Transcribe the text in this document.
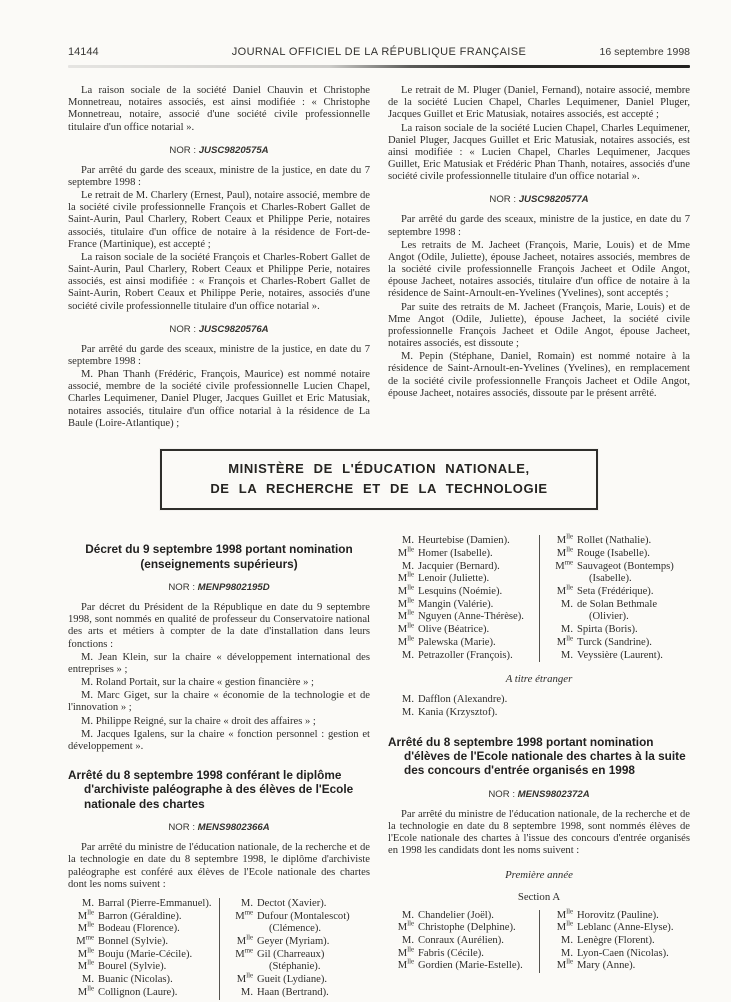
14144	JOURNAL OFFICIEL DE LA RÉPUBLIQUE FRANÇAISE	16 septembre 1998

La raison sociale de la société Daniel Chauvin et Christophe Monnetreau, notaires associés, est ainsi modifiée : « Christophe Monnetreau, notaire, associé d'une société civile professionnelle titulaire d'un office notarial ».

NOR : JUSC9820575A

Par arrêté du garde des sceaux, ministre de la justice, en date du 7 septembre 1998 :

Le retrait de M. Charlery (Ernest, Paul), notaire associé, membre de la société civile professionnelle François et Charles-Robert Gallet de Saint-Aurin, Paul Charlery, Robert Ceaux et Philippe Perie, notaires associés, titulaire d'un office de notaire à la résidence de Fort-de-France (Martinique), est accepté ;

La raison sociale de la société François et Charles-Robert Gallet de Saint-Aurin, Paul Charlery, Robert Ceaux et Philippe Perie, notaires associés, est ainsi modifiée : « François et Charles-Robert Gallet de Saint-Aurin, Robert Ceaux et Philippe Perie, notaires, associés d'une société civile professionnelle titulaire d'un office notarial ».

NOR : JUSC9820576A

Par arrêté du garde des sceaux, ministre de la justice, en date du 7 septembre 1998 :

M. Phan Thanh (Frédéric, François, Maurice) est nommé notaire associé, membre de la société civile professionnelle Lucien Chapel, Charles Lequimener, Daniel Pluger, Jacques Guillet et Eric Matusiak, notaires associés, titulaire d'un office notarial à la résidence de La Baule (Loire-Atlantique) ;

Le retrait de M. Pluger (Daniel, Fernand), notaire associé, membre de la société Lucien Chapel, Charles Lequimener, Daniel Pluger, Jacques Guillet et Eric Matusiak, notaires associés, est accepté ;

La raison sociale de la société Lucien Chapel, Charles Lequimener, Daniel Pluger, Jacques Guillet et Eric Matusiak, notaires associés, est ainsi modifiée : « Lucien Chapel, Charles Lequimener, Jacques Guillet, Eric Matusiak et Frédéric Phan Thanh, notaires, associés d'une société civile professionnelle titulaire d'un office notarial ».

NOR : JUSC9820577A

Par arrêté du garde des sceaux, ministre de la justice, en date du 7 septembre 1998 :

Les retraits de M. Jacheet (François, Marie, Louis) et de Mme Angot (Odile, Juliette), épouse Jacheet, notaires associés, membres de la société civile professionnelle François Jacheet et Odile Angot, épouse Jacheet, notaires associés, titulaire d'un office de notaire à la résidence de Saint-Arnoult-en-Yvelines (Yvelines), sont acceptés ;

Par suite des retraits de M. Jacheet (François, Marie, Louis) et de Mme Angot (Odile, Juliette), épouse Jacheet, la société civile professionnelle François Jacheet et Odile Angot, épouse Jacheet, notaires associés, est dissoute ;

M. Pepin (Stéphane, Daniel, Romain) est nommé notaire à la résidence de Saint-Arnoult-en-Yvelines (Yvelines), en remplacement de la société civile professionnelle François Jacheet et Odile Angot, épouse Jacheet, notaires associés, dissoute par le présent arrêté.

MINISTÈRE DE L'ÉDUCATION NATIONALE,
DE LA RECHERCHE ET DE LA TECHNOLOGIE
Décret du 9 septembre 1998 portant nomination
(enseignements supérieurs)
NOR : MENP9802195D

Par décret du Président de la République en date du 9 septembre 1998, sont nommés en qualité de professeur du Conservatoire national des arts et métiers à compter de la date d'installation dans leurs fonctions :

M. Jean Klein, sur la chaire « développement international des entreprises » ;

M. Roland Portait, sur la chaire « gestion financière » ;

M. Marc Giget, sur la chaire « économie de la technologie et de l'innovation » ;

M. Philippe Reigné, sur la chaire « droit des affaires » ;

M. Jacques Igalens, sur la chaire « fonction personnel : gestion et développement ».

Arrêté du 8 septembre 1998 conférant le diplôme d'archiviste paléographe à des élèves de l'Ecole nationale des chartes
NOR : MENS9802366A

Par arrêté du ministre de l'éducation nationale, de la recherche et de la technologie en date du 8 septembre 1998, le diplôme d'archiviste paléographe est conféré aux élèves de l'Ecole nationale des chartes dont les noms suivent :

M. Barral (Pierre-Emmanuel).
$M^{lle}$ Barron (Géraldine).
$M^{lle}$ Bodeau (Florence).
$M^{me}$ Bonnel (Sylvie).
$M^{lle}$ Bouju (Marie-Cécile).
$M^{lle}$ Bourel (Sylvie).
M. Buanic (Nicolas).
$M^{lle}$ Collignon (Laure).
M. Dectot (Xavier).
$M^{me}$ Dufour (Montalescot)
(Clémence).
$M^{lle}$ Geyer (Myriam).
$M^{me}$ Gil (Charreaux)
(Stéphanie).
$M^{lle}$ Gueit (Lydiane).
M. Haan (Bertrand).
M. Heurtebise (Damien).
$M^{lle}$ Homer (Isabelle).
M. Jacquier (Bernard).
$M^{lle}$ Lenoir (Juliette).
$M^{lle}$ Lesquins (Noémie).
$M^{lle}$ Mangin (Valérie).
$M^{lle}$ Nguyen (Anne-Thérèse).
$M^{lle}$ Olive (Béatrice).
$M^{lle}$ Palewska (Marie).
M. Petrazoller (François).
$M^{lle}$ Rollet (Nathalie).
$M^{lle}$ Rouge (Isabelle).
$M^{me}$ Sauvageot (Bontemps)
(Isabelle).
$M^{lle}$ Seta (Frédérique).
M. de Solan Bethmale
(Olivier).
M. Spirta (Boris).
$M^{lle}$ Turck (Sandrine).
M. Veyssière (Laurent).
A titre étranger
M. Dafflon (Alexandre).
M. Kania (Krzysztof).
Arrêté du 8 septembre 1998 portant nomination d'élèves de l'Ecole nationale des chartes à la suite des concours d'entrée organisés en 1998
NOR : MENS9802372A

Par arrêté du ministre de l'éducation nationale, de la recherche et de la technologie en date du 8 septembre 1998, sont nommés élèves de l'Ecole nationale des chartes à l'issue des concours d'entrée organisés en 1998 les candidats dont les noms suivent :

Première année
Section A
M. Chandelier (Joël).
$M^{lle}$ Christophe (Delphine).
M. Conraux (Aurélien).
$M^{lle}$ Fabris (Cécile).
$M^{lle}$ Gordien (Marie-Estelle).
$M^{lle}$ Horovitz (Pauline).
$M^{lle}$ Leblanc (Anne-Elyse).
M. Lenègre (Florent).
M. Lyon-Caen (Nicolas).
$M^{lle}$ Mary (Anne).
